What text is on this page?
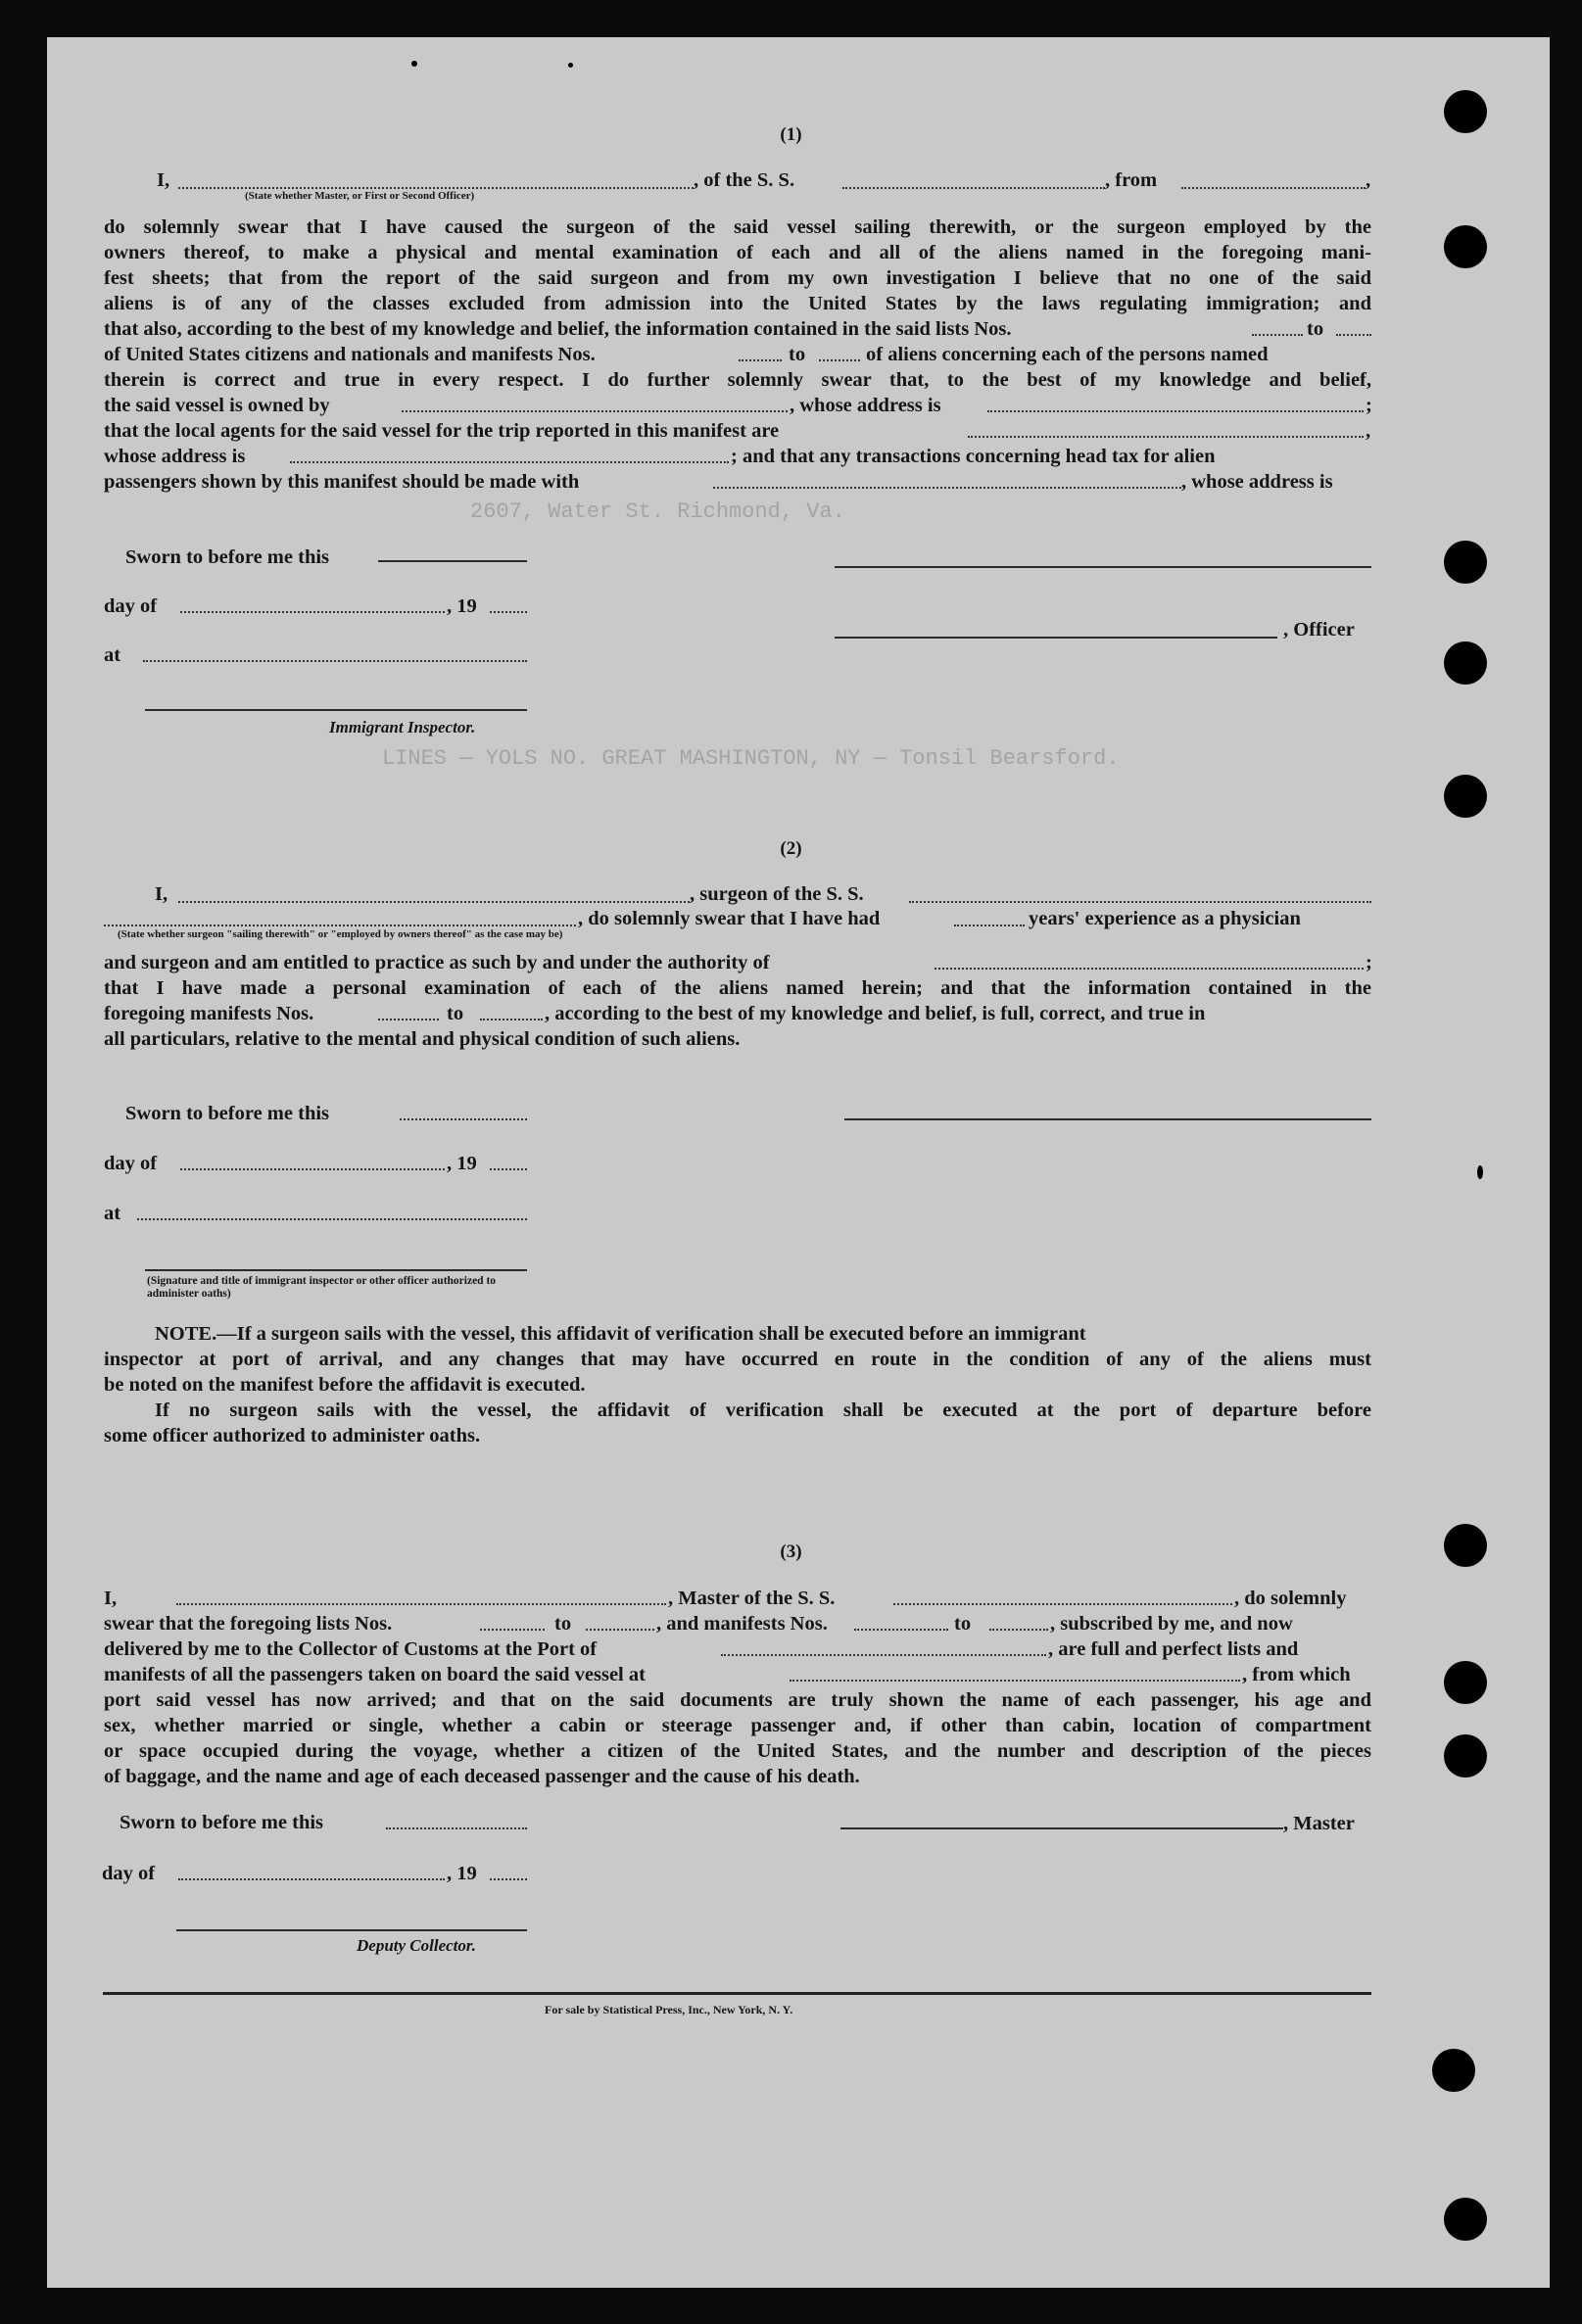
2607, Water St. Richmond, Va.
LINES — YOLS NO. GREAT MASHINGTON, NY — Tonsil Bearsford.
(1)
I,
(State whether Master, or First or Second Officer)
, of the S. S.	, from	,
do solemnly swear that I have caused the surgeon of the said vessel sailing therewith, or the surgeon employed by the
owners thereof, to make a physical and mental examination of each and all of the aliens named in the foregoing mani-
fest sheets; that from the report of the said surgeon and from my own investigation I believe that no one of the said
aliens is of any of the classes excluded from admission into the United States by the laws regulating immigration; and
that also, according to the best of my knowledge and belief, the information contained in the said lists Nos.	to
of United States citizens and nationals and manifests Nos.	to	of aliens concerning each of the persons named
therein is correct and true in every respect. I do further solemnly swear that, to the best of my knowledge and belief,
the said vessel is owned by	, whose address is	;
that the local agents for the said vessel for the trip reported in this manifest are	,
whose address is	; and that any transactions concerning head tax for alien
passengers shown by this manifest should be made with	, whose address is
Sworn to before me this
day of	, 19
at
, Officer
Immigrant Inspector.
(2)
I,	, surgeon of the S. S.
, do solemnly swear that I have had	years' experience as a physician
(State whether surgeon "sailing therewith" or "employed by owners thereof" as the case may be)
and surgeon and am entitled to practice as such by and under the authority of	;
that I have made a personal examination of each of the aliens named herein; and that the information contained in the
foregoing manifests Nos.	to	, according to the best of my knowledge and belief, is full, correct, and true in
all particulars, relative to the mental and physical condition of such aliens.
Sworn to before me this
day of	, 19
at
(Signature and title of immigrant inspector or other officer authorized to administer oaths)
NOTE.—If a surgeon sails with the vessel, this affidavit of verification shall be executed before an immigrant
inspector at port of arrival, and any changes that may have occurred en route in the condition of any of the aliens must
be noted on the manifest before the affidavit is executed.
If no surgeon sails with the vessel, the affidavit of verification shall be executed at the port of departure before
some officer authorized to administer oaths.
(3)
I,	, Master of the S. S.	, do solemnly
swear that the foregoing lists Nos.	to	, and manifests Nos.	to	, subscribed by me, and now
delivered by me to the Collector of Customs at the Port of	, are full and perfect lists and
manifests of all the passengers taken on board the said vessel at	, from which
port said vessel has now arrived; and that on the said documents are truly shown the name of each passenger, his age and
sex, whether married or single, whether a cabin or steerage passenger and, if other than cabin, location of compartment
or space occupied during the voyage, whether a citizen of the United States, and the number and description of the pieces
of baggage, and the name and age of each deceased passenger and the cause of his death.
Sworn to before me this	, Master
day of	, 19
Deputy Collector.
For sale by Statistical Press, Inc., New York, N. Y.
